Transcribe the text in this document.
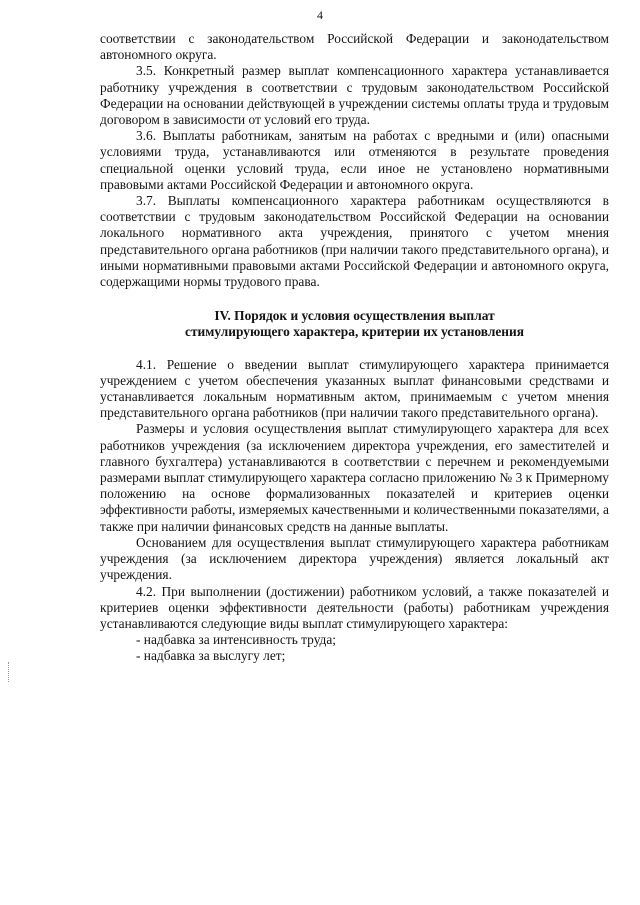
4

соответствии с законодательством Российской Федерации и законодательством автономного округа.

3.5. Конкретный размер выплат компенсационного характера устанавливается работнику учреждения в соответствии с трудовым законодательством Российской Федерации на основании действующей в учреждении системы оплаты труда и трудовым договором в зависимости от условий его труда.

3.6. Выплаты работникам, занятым на работах с вредными и (или) опасными условиями труда, устанавливаются или отменяются в результате проведения специальной оценки условий труда, если иное не установлено нормативными правовыми актами Российской Федерации и автономного округа.

3.7. Выплаты компенсационного характера работникам осуществляются в соответствии с трудовым законодательством Российской Федерации на основании локального нормативного акта учреждения, принятого с учетом мнения представительного органа работников (при наличии такого представительного органа), и иными нормативными правовыми актами Российской Федерации и автономного округа, содержащими нормы трудового права.

IV. Порядок и условия осуществления выплат

стимулирующего характера, критерии их установления

4.1. Решение о введении выплат стимулирующего характера принимается учреждением с учетом обеспечения указанных выплат финансовыми средствами и устанавливается локальным нормативным актом, принимаемым с учетом мнения представительного органа работников (при наличии такого представительного органа).

Размеры и условия осуществления выплат стимулирующего характера для всех работников учреждения (за исключением директора учреждения, его заместителей и главного бухгалтера) устанавливаются в соответствии с перечнем и рекомендуемыми размерами выплат стимулирующего характера согласно приложению № 3 к Примерному положению на основе формализованных показателей и критериев оценки эффективности работы, измеряемых качественными и количественными показателями, а также при наличии финансовых средств на данные выплаты.

Основанием для осуществления выплат стимулирующего характера работникам учреждения (за исключением директора учреждения) является локальный акт учреждения.

4.2. При выполнении (достижении) работником условий, а также показателей и критериев оценки эффективности деятельности (работы) работникам учреждения устанавливаются следующие виды выплат стимулирующего характера:

- надбавка за интенсивность труда;

- надбавка за выслугу лет;
